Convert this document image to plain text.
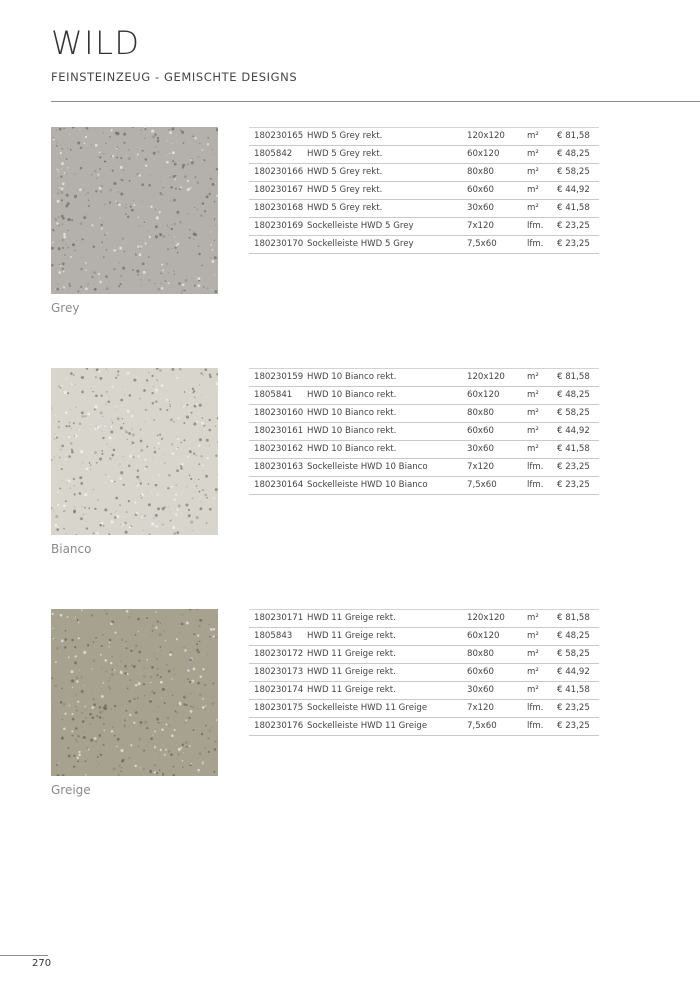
WILD
FEINSTEINZEUG - GEMISCHTE DESIGNS
Grey
180230165 HWD 5 Grey rekt.	120x120	m² € 81,58
1805842 HWD 5 Grey rekt.	60x120	m² € 48,25
180230166 HWD 5 Grey rekt.	80x80	m² € 58,25
180230167 HWD 5 Grey rekt.	60x60	m² € 44,92
180230168 HWD 5 Grey rekt.	30x60	m² € 41,58
180230169 Sockelleiste HWD 5 Grey	7x120	lfm. € 23,25
180230170 Sockelleiste HWD 5 Grey	7,5x60	lfm. € 23,25
Bianco
180230159 HWD 10 Bianco rekt.	120x120	m² € 81,58
1805841 HWD 10 Bianco rekt.	60x120	m² € 48,25
180230160 HWD 10 Bianco rekt.	80x80	m² € 58,25
180230161 HWD 10 Bianco rekt.	60x60	m² € 44,92
180230162 HWD 10 Bianco rekt.	30x60	m² € 41,58
180230163 Sockelleiste HWD 10 Bianco	7x120	lfm. € 23,25
180230164 Sockelleiste HWD 10 Bianco	7,5x60	lfm. € 23,25
Greige
180230171 HWD 11 Greige rekt.	120x120	m² € 81,58
1805843 HWD 11 Greige rekt.	60x120	m² € 48,25
180230172 HWD 11 Greige rekt.	80x80	m² € 58,25
180230173 HWD 11 Greige rekt.	60x60	m² € 44,92
180230174 HWD 11 Greige rekt.	30x60	m² € 41,58
180230175 Sockelleiste HWD 11 Greige	7x120	lfm. € 23,25
180230176 Sockelleiste HWD 11 Greige	7,5x60	lfm. € 23,25
270
